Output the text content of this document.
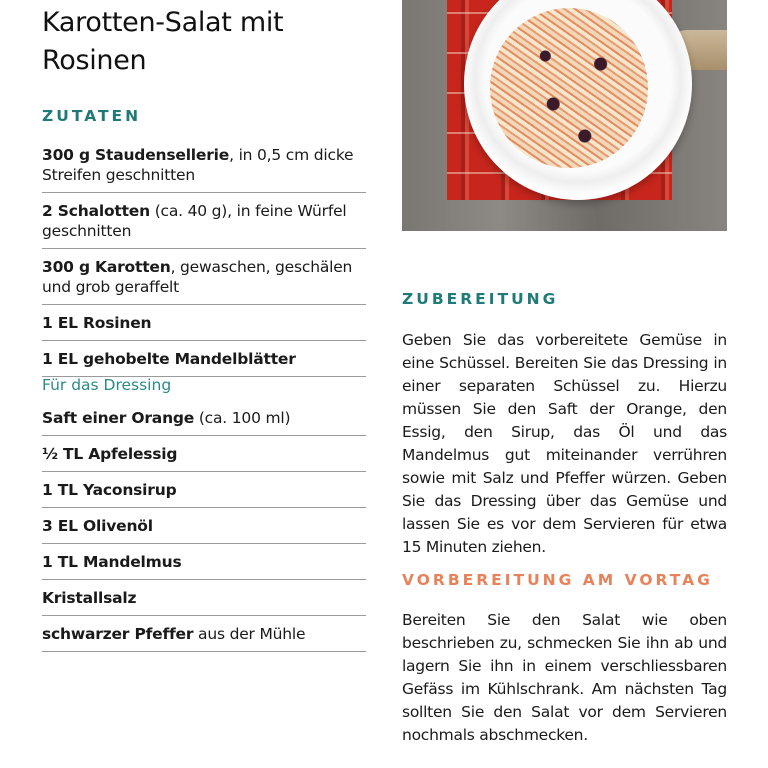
Karotten-Salat mit
Rosinen
ZUTATEN
300 g Staudensellerie, in 0,5 cm dicke Streifen geschnitten
2 Schalotten (ca. 40 g), in feine Würfel geschnitten
300 g Karotten, gewaschen, geschälen und grob geraffelt
1 EL Rosinen
1 EL gehobelte Mandelblätter
Für das Dressing
Saft einer Orange (ca. 100 ml)
½ TL Apfelessig
1 TL Yaconsirup
3 EL Olivenöl
1 TL Mandelmus
Kristallsalz
schwarzer Pfeffer aus der Mühle
ZUBEREITUNG

Geben Sie das vorbereitete Gemüse in eine Schüssel. Bereiten Sie das Dressing in einer separaten Schüssel zu. Hierzu müssen Sie den Saft der Orange, den Essig, den Sirup, das Öl und das Mandelmus gut miteinander verrühren sowie mit Salz und Pfeffer würzen. Geben Sie das Dressing über das Gemüse und lassen Sie es vor dem Servieren für etwa 15 Minuten ziehen.

VORBEREITUNG AM VORTAG

Bereiten Sie den Salat wie oben beschrieben zu, schmecken Sie ihn ab und lagern Sie ihn in einem verschliessbaren Gefäss im Kühlschrank. Am nächsten Tag sollten Sie den Salat vor dem Servieren nochmals abschmecken.
